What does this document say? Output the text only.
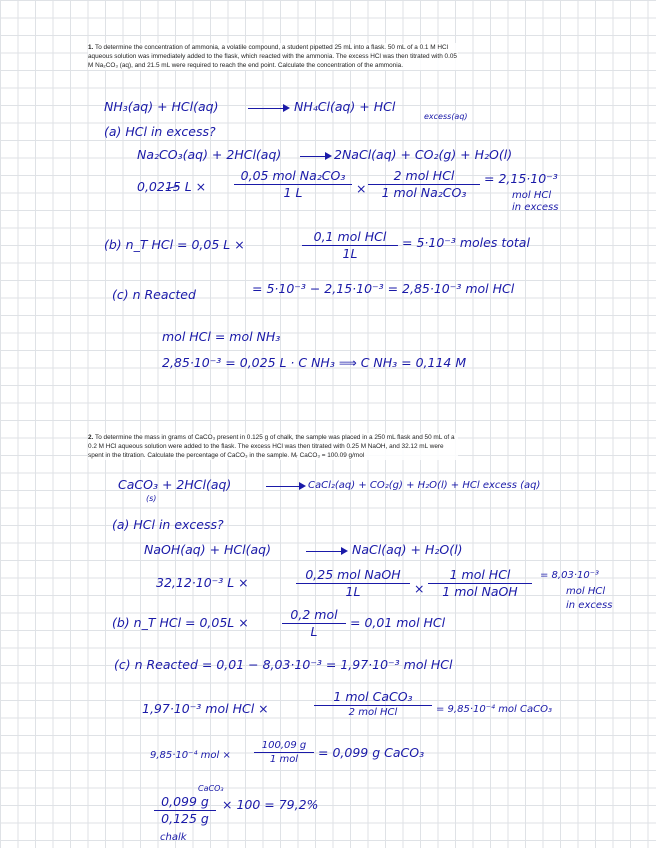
1. To determine the concentration of ammonia, a volatile compound, a student pipetted 25 mL into a flask. 50 mL of a 0.1 M HCl aqueous solution was immediately added to the flask, which reacted with the ammonia. The excess HCl was then titrated with 0.05 M Na₂CO₃ (aq), and 21.5 mL were required to reach the end point. Calculate the concentration of the ammonia.
NH₃(aq) + HCl(aq)	NH₄Cl(aq) + HCl
excess(aq)
(a) HCl in excess?
Na₂CO₃(aq) + 2HCl(aq)	2NaCl(aq) + CO₂(g) + H₂O(l)
0,0215 L ×
0,05 mol Na₂CO₃
1 L	×
2 mol HCl
1 mol Na₂CO₃
= 2,15·10⁻³
mol HCl
in excess
(b) n_T HCl = 0,05 L ×
0,1 mol HCl
1L
= 5·10⁻³ moles total
(c) n Reacted	= 5·10⁻³ − 2,15·10⁻³ = 2,85·10⁻³ mol HCl
mol HCl = mol NH₃
2,85·10⁻³ = 0,025 L · C NH₃ ⟹ C NH₃ = 0,114 M
2. To determine the mass in grams of CaCO₃ present in 0.125 g of chalk, the sample was placed in a 250 mL flask and 50 mL of a 0.2 M HCl aqueous solution were added to the flask. The excess HCl was then titrated with 0.25 M NaOH, and 32.12 mL were spent in the titration. Calculate the percentage of CaCO₃ in the sample. Mᵣ CaCO₃ = 100.09 g/mol
CaCO₃ + 2HCl(aq)
(s)
CaCl₂(aq) + CO₂(g) + H₂O(l) + HCl excess (aq)
(a) HCl in excess?
NaOH(aq) + HCl(aq)	NaCl(aq) + H₂O(l)
32,12·10⁻³ L ×
0,25 mol NaOH
1L	×
1 mol HCl
1 mol NaOH
= 8,03·10⁻³
mol HCl
in excess
(b) n_T HCl = 0,05L ×
0,2 mol
L
= 0,01 mol HCl
(c) n Reacted = 0,01 − 8,03·10⁻³ = 1,97·10⁻³ mol HCl
1,97·10⁻³ mol HCl ×
1 mol CaCO₃
2 mol HCl	= 9,85·10⁻⁴ mol CaCO₃
9,85·10⁻⁴ mol ×
100,09 g
1 mol	= 0,099 g CaCO₃
CaCO₃
0,099 g
0,125 g
chalk
× 100 = 79,2%
